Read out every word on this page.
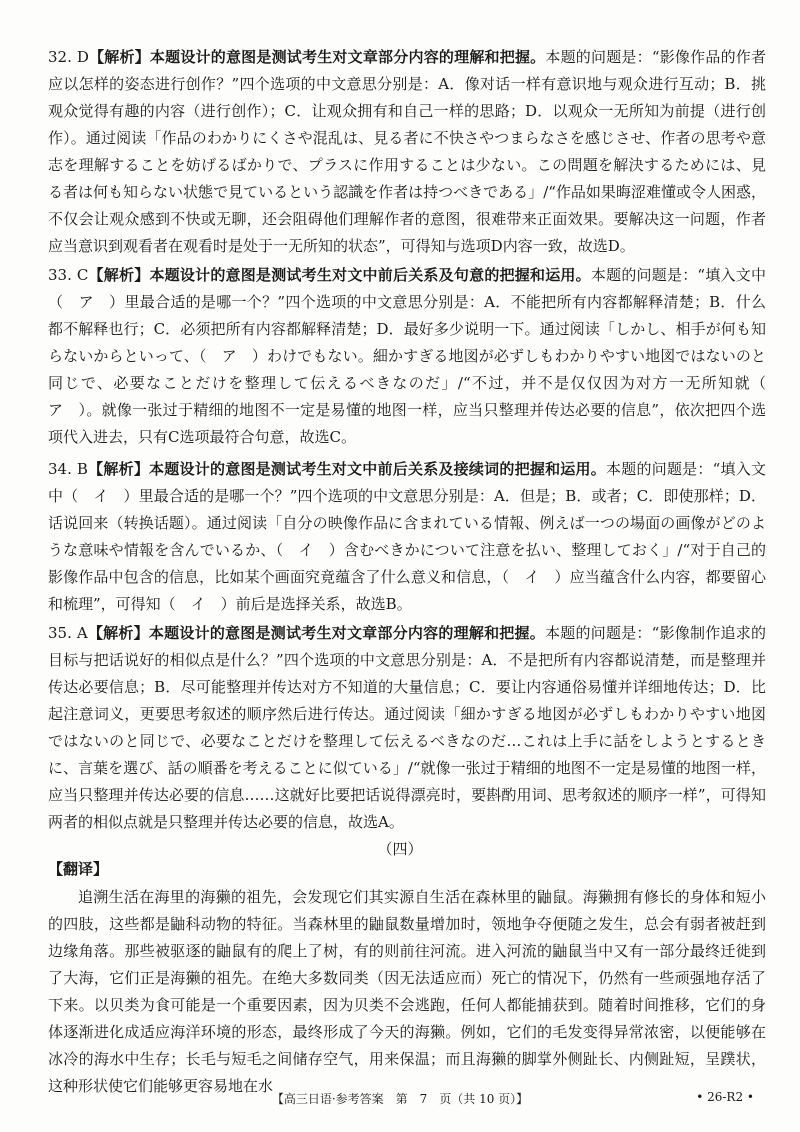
32. D【解析】本题设计的意图是测试考生对文章部分内容的理解和把握。本题的问题是：“影像作品的作者应以怎样的姿态进行创作？”四个选项的中文意思分别是：A．像对话一样有意识地与观众进行互动；B．挑观众觉得有趣的内容（进行创作）；C．让观众拥有和自己一样的思路；D．以观众一无所知为前提（进行创作）。通过阅读「作品のわかりにくさや混乱は、見る者に不快さやつまらなさを感じさせ、作者の思考や意志を理解することを妨げるばかりで、プラスに作用することは少ない。この問題を解決するためには、見る者は何も知らない状態で見ているという認識を作者は持つべきである」/“作品如果晦涩难懂或令人困惑，不仅会让观众感到不快或无聊，还会阻碍他们理解作者的意图，很难带来正面效果。要解决这一问题，作者应当意识到观看者在观看时是处于一无所知的状态”，可得知与选项D内容一致，故选D。
33. C【解析】本题设计的意图是测试考生对文中前后关系及句意的把握和运用。本题的问题是：“填入文中（　ア　）里最合适的是哪一个？”四个选项的中文意思分别是：A．不能把所有内容都解释清楚；B．什么都不解释也行；C．必须把所有内容都解释清楚；D．最好多少说明一下。通过阅读「しかし、相手が何も知らないからといって、（　ア　）わけでもない。細かすぎる地図が必ずしもわかりやすい地図ではないのと同じで、必要なことだけを整理して伝えるべきなのだ」/“不过，并不是仅仅因为对方一无所知就（　ア　）。就像一张过于精细的地图不一定是易懂的地图一样，应当只整理并传达必要的信息”，依次把四个选项代入进去，只有C选项最符合句意，故选C。
34. B【解析】本题设计的意图是测试考生对文中前后关系及接续词的把握和运用。本题的问题是：“填入文中（　イ　）里最合适的是哪一个？”四个选项的中文意思分别是：A．但是；B．或者；C．即使那样；D．话说回来（转换话题）。通过阅读「自分の映像作品に含まれている情報、例えば一つの場面の画像がどのような意味や情報を含んでいるか、（　イ　）含むべきかについて注意を払い、整理しておく」/“对于自己的影像作品中包含的信息，比如某个画面究竟蕴含了什么意义和信息，（　イ　）应当蕴含什么内容，都要留心和梳理”，可得知（　イ　）前后是选择关系，故选B。
35. A【解析】本题设计的意图是测试考生对文章部分内容的理解和把握。本题的问题是：“影像制作追求的目标与把话说好的相似点是什么？”四个选项的中文意思分别是：A．不是把所有内容都说清楚，而是整理并传达必要信息；B．尽可能整理并传达对方不知道的大量信息；C．要让内容通俗易懂并详细地传达；D．比起注意词义，更要思考叙述的顺序然后进行传达。通过阅读「細かすぎる地図が必ずしもわかりやすい地図ではないのと同じで、必要なことだけを整理して伝えるべきなのだ…これは上手に話をしようとするときに、言葉を選び、話の順番を考えることに似ている」/“就像一张过于精细的地图不一定是易懂的地图一样，应当只整理并传达必要的信息……这就好比要把话说得漂亮时，要斟酌用词、思考叙述的顺序一样”，可得知两者的相似点就是只整理并传达必要的信息，故选A。
（四）
【翻译】
追溯生活在海里的海獭的祖先，会发现它们其实源自生活在森林里的鼬鼠。海獭拥有修长的身体和短小的四肢，这些都是鼬科动物的特征。当森林里的鼬鼠数量增加时，领地争夺便随之发生，总会有弱者被赶到边缘角落。那些被驱逐的鼬鼠有的爬上了树，有的则前往河流。进入河流的鼬鼠当中又有一部分最终迁徙到了大海，它们正是海獭的祖先。在绝大多数同类（因无法适应而）死亡的情况下，仍然有一些顽强地存活了下来。以贝类为食可能是一个重要因素，因为贝类不会逃跑，任何人都能捕获到。随着时间推移，它们的身体逐渐进化成适应海洋环境的形态，最终形成了今天的海獭。例如，它们的毛发变得异常浓密，以便能够在冰冷的海水中生存；长毛与短毛之间储存空气，用来保温；而且海獭的脚掌外侧趾长、内侧趾短，呈蹼状，这种形状使它们能够更容易地在水
【高三日语·参考答案　第　7　页（共 10 页）】	• 26-R2 •
